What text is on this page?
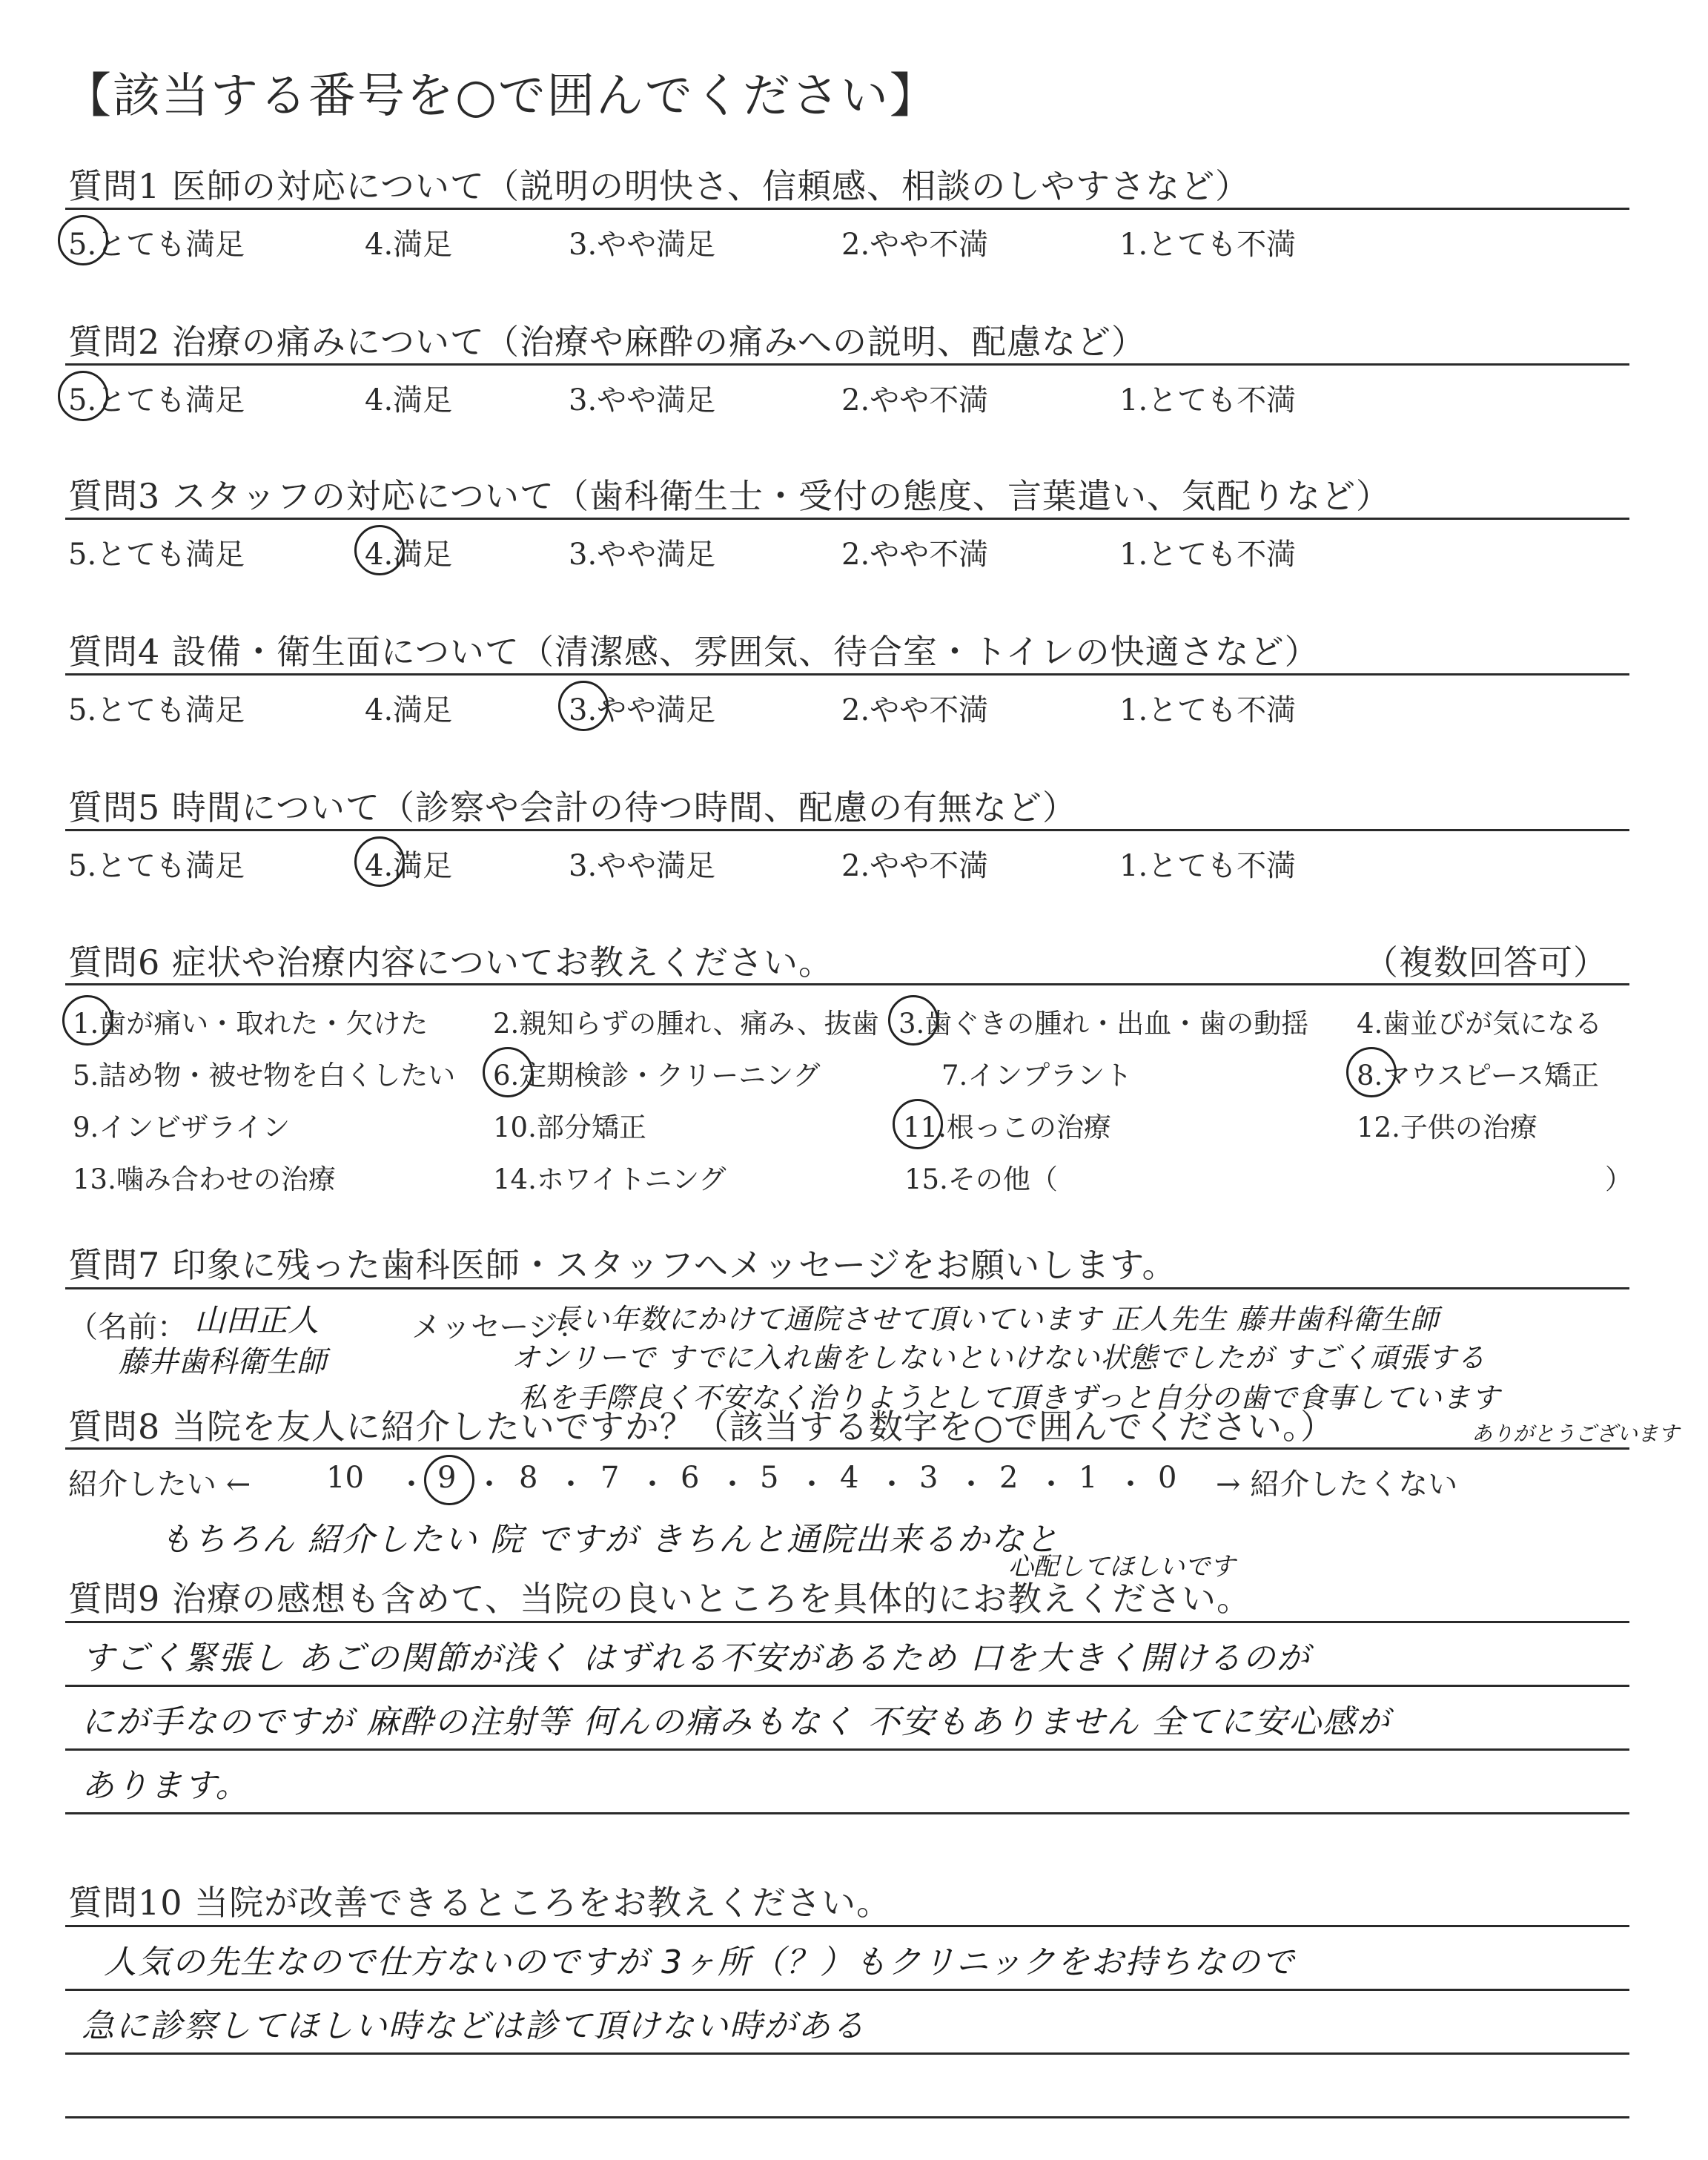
【該当する番号を○で囲んでください】
質問1 医師の対応について（説明の明快さ、信頼感、相談のしやすさなど）
5.とても満足	4.満足	3.やや満足	2.やや不満	1.とても不満
質問2 治療の痛みについて（治療や麻酔の痛みへの説明、配慮など）
5.とても満足	4.満足	3.やや満足	2.やや不満	1.とても不満
質問3 スタッフの対応について（歯科衛生士・受付の態度、言葉遣い、気配りなど）
5.とても満足	4.満足	3.やや満足	2.やや不満	1.とても不満
質問4 設備・衛生面について（清潔感、雰囲気、待合室・トイレの快適さなど）
5.とても満足	4.満足	3.やや満足	2.やや不満	1.とても不満
質問5 時間について（診察や会計の待つ時間、配慮の有無など）
5.とても満足	4.満足	3.やや満足	2.やや不満	1.とても不満
質問6 症状や治療内容についてお教えください。	（複数回答可）
1.歯が痛い・取れた・欠けた 2.親知らずの腫れ、痛み、抜歯 3.歯ぐきの腫れ・出血・歯の動揺 4.歯並びが気になる
5.詰め物・被せ物を白くしたい 6.定期検診・クリーニング	7.インプラント	8.マウスピース矯正
9.インビザライン	10.部分矯正	11.根っこの治療	12.子供の治療
13.噛み合わせの治療	14.ホワイトニング	15.その他（	）
質問7 印象に残った歯科医師・スタッフへメッセージをお願いします。
（名前： 山田正人
藤井歯科衛生師
メッセージ：
長い年数にかけて通院させて頂いています 正人先生 藤井歯科衛生師
オンリーで すでに入れ歯をしないといけない状態でしたが すごく頑張する
私を手際良く不安なく治りようとして頂きずっと自分の歯で食事しています
ありがとうございます
質問8 当院を友人に紹介したいですか？（該当する数字を○で囲んでください。）
紹介したい ←	10 ・ 9 ・ 8 ・ 7 ・ 6 ・ 5 ・ 4 ・ 3 ・ 2 ・ 1 ・ 0 → 紹介したくない
もちろん 紹介したい 院 ですが きちんと通院出来るかなと
心配してほしいです
質問9 治療の感想も含めて、当院の良いところを具体的にお教えください。
すごく緊張し あごの関節が浅く はずれる不安があるため 口を大きく開けるのが
にが手なのですが 麻酔の注射等 何んの痛みもなく 不安もありません 全てに安心感が
あります。
質問10 当院が改善できるところをお教えください。
人気の先生なので仕方ないのですが 3ヶ所（？）もクリニックをお持ちなので
急に診察してほしい時などは診て頂けない時がある
